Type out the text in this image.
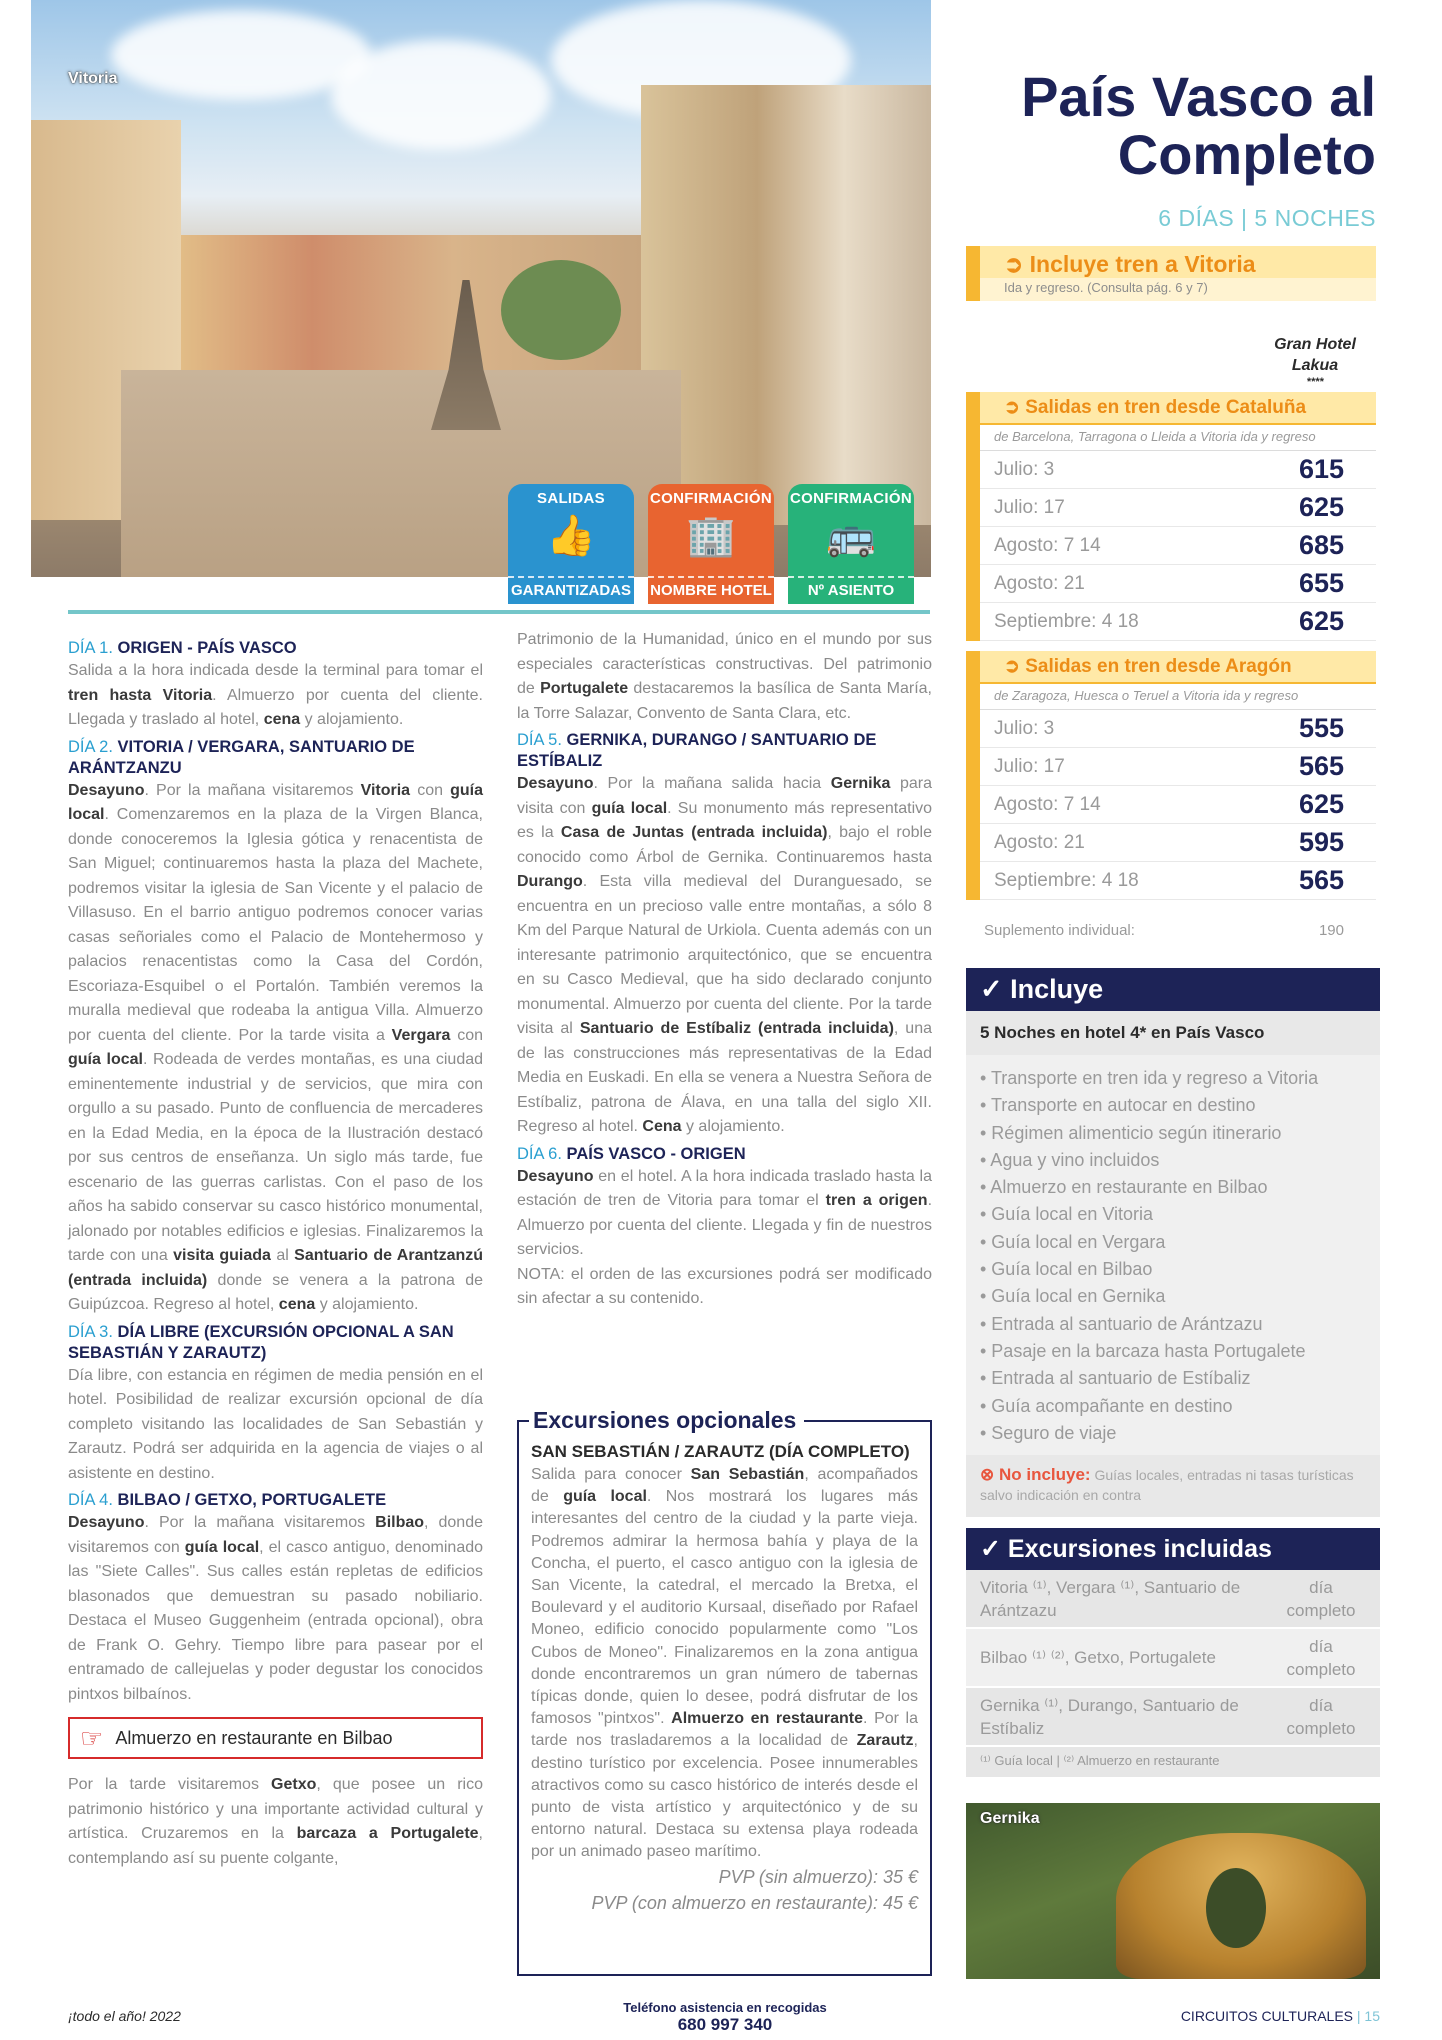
Vitoria
SALIDAS
👍
GARANTIZADAS
CONFIRMACIÓN
🏢
NOMBRE HOTEL
CONFIRMACIÓN
🚌
Nº ASIENTO
País Vasco al
Completo
6 DÍAS | 5 NOCHES
➲ Incluye tren a Vitoria
Ida y regreso. (Consulta pág. 6 y 7)
Gran Hotel
Lakua
****
➲ Salidas en tren desde Cataluña
de Barcelona, Tarragona o Lleida a Vitoria ida y regreso
Julio: 3	615
Julio: 17	625
Agosto: 7 14	685
Agosto: 21	655
Septiembre: 4 18	625
➲ Salidas en tren desde Aragón
de Zaragoza, Huesca o Teruel a Vitoria ida y regreso
Julio: 3	555
Julio: 17	565
Agosto: 7 14	625
Agosto: 21	595
Septiembre: 4 18	565
Suplemento individual:	190
✓ Incluye
5 Noches en hotel 4* en País Vasco
• Transporte en tren ida y regreso a Vitoria
• Transporte en autocar en destino
• Régimen alimenticio según itinerario
• Agua y vino incluidos
• Almuerzo en restaurante en Bilbao
• Guía local en Vitoria
• Guía local en Vergara
• Guía local en Bilbao
• Guía local en Gernika
• Entrada al santuario de Arántzazu
• Pasaje en la barcaza hasta Portugalete
• Entrada al santuario de Estíbaliz
• Guía acompañante en destino
• Seguro de viaje
⊗ No incluye: Guías locales, entradas ni tasas turísticas salvo indicación en contra
✓ Excursiones incluidas
Vitoria ⁽¹⁾, Vergara ⁽¹⁾, Santuario de Arántzazu
día completo
Bilbao ⁽¹⁾ ⁽²⁾, Getxo, Portugalete
día completo
Gernika ⁽¹⁾, Durango, Santuario de Estíbaliz
día completo
⁽¹⁾ Guía local | ⁽²⁾ Almuerzo en restaurante
Gernika
DÍA 1. ORIGEN - PAÍS VASCO

Salida a la hora indicada desde la terminal para tomar el tren hasta Vitoria. Almuerzo por cuenta del cliente. Llegada y traslado al hotel, cena y alojamiento.

DÍA 2. VITORIA / VERGARA, SANTUARIO DE ARÁNTZANZU

Desayuno. Por la mañana visitaremos Vitoria con guía local. Comenzaremos en la plaza de la Virgen Blanca, donde conoceremos la Iglesia gótica y renacentista de San Miguel; continuaremos hasta la plaza del Machete, podremos visitar la iglesia de San Vicente y el palacio de Villasuso. En el barrio antiguo podremos conocer varias casas señoriales como el Palacio de Montehermoso y palacios renacentistas como la Casa del Cordón, Escoriaza-Esquibel o el Portalón. También veremos la muralla medieval que rodeaba la antigua Villa. Almuerzo por cuenta del cliente. Por la tarde visita a Vergara con guía local. Rodeada de verdes montañas, es una ciudad eminentemente industrial y de servicios, que mira con orgullo a su pasado. Punto de confluencia de mercaderes en la Edad Media, en la época de la Ilustración destacó por sus centros de enseñanza. Un siglo más tarde, fue escenario de las guerras carlistas. Con el paso de los años ha sabido conservar su casco histórico monumental, jalonado por notables edificios e iglesias. Finalizaremos la tarde con una visita guiada al Santuario de Arantzanzú (entrada incluida) donde se venera a la patrona de Guipúzcoa. Regreso al hotel, cena y alojamiento.

DÍA 3. DÍA LIBRE (EXCURSIÓN OPCIONAL A SAN SEBASTIÁN Y ZARAUTZ)

Día libre, con estancia en régimen de media pensión en el hotel. Posibilidad de realizar excursión opcional de día completo visitando las localidades de San Sebastián y Zarautz. Podrá ser adquirida en la agencia de viajes o al asistente en destino.

DÍA 4. BILBAO / GETXO, PORTUGALETE

Desayuno. Por la mañana visitaremos Bilbao, donde visitaremos con guía local, el casco antiguo, denominado las "Siete Calles". Sus calles están repletas de edificios blasonados que demuestran su pasado nobiliario. Destaca el Museo Guggenheim (entrada opcional), obra de Frank O. Gehry. Tiempo libre para pasear por el entramado de callejuelas y poder degustar los conocidos pintxos bilbaínos.

☞ Almuerzo en restaurante en Bilbao

Por la tarde visitaremos Getxo, que posee un rico patrimonio histórico y una importante actividad cultural y artística. Cruzaremos en la barcaza a Portugalete, contemplando así su puente colgante,

Patrimonio de la Humanidad, único en el mundo por sus especiales características constructivas. Del patrimonio de Portugalete destacaremos la basílica de Santa María, la Torre Salazar, Convento de Santa Clara, etc.

DÍA 5. GERNIKA, DURANGO / SANTUARIO DE ESTÍBALIZ

Desayuno. Por la mañana salida hacia Gernika para visita con guía local. Su monumento más representativo es la Casa de Juntas (entrada incluida), bajo el roble conocido como Árbol de Gernika. Continuaremos hasta Durango. Esta villa medieval del Duranguesado, se encuentra en un precioso valle entre montañas, a sólo 8 Km del Parque Natural de Urkiola. Cuenta además con un interesante patrimonio arquitectónico, que se encuentra en su Casco Medieval, que ha sido declarado conjunto monumental. Almuerzo por cuenta del cliente. Por la tarde visita al Santuario de Estíbaliz (entrada incluida), una de las construcciones más representativas de la Edad Media en Euskadi. En ella se venera a Nuestra Señora de Estíbaliz, patrona de Álava, en una talla del siglo XII. Regreso al hotel. Cena y alojamiento.

DÍA 6. PAÍS VASCO - ORIGEN

Desayuno en el hotel. A la hora indicada traslado hasta la estación de tren de Vitoria para tomar el tren a origen. Almuerzo por cuenta del cliente. Llegada y fin de nuestros servicios.

NOTA: el orden de las excursiones podrá ser modificado sin afectar a su contenido.

Excursiones opcionales
SAN SEBASTIÁN / ZARAUTZ (DÍA COMPLETO)

Salida para conocer San Sebastián, acompañados de guía local. Nos mostrará los lugares más interesantes del centro de la ciudad y la parte vieja. Podremos admirar la hermosa bahía y playa de la Concha, el puerto, el casco antiguo con la iglesia de San Vicente, la catedral, el mercado la Bretxa, el Boulevard y el auditorio Kursaal, diseñado por Rafael Moneo, edificio conocido popularmente como "Los Cubos de Moneo". Finalizaremos en la zona antigua donde encontraremos un gran número de tabernas típicas donde, quien lo desee, podrá disfrutar de los famosos "pintxos". Almuerzo en restaurante. Por la tarde nos trasladaremos a la localidad de Zarautz, destino turístico por excelencia. Posee innumerables atractivos como su casco histórico de interés desde el punto de vista artístico y arquitectónico y de su entorno natural. Destaca su extensa playa rodeada por un animado paseo marítimo.

PVP (sin almuerzo): 35 €
PVP (con almuerzo en restaurante): 45 €
¡todo el año! 2022
Teléfono asistencia en recogidas
680 997 340	CIRCUITOS CULTURALES | 15
